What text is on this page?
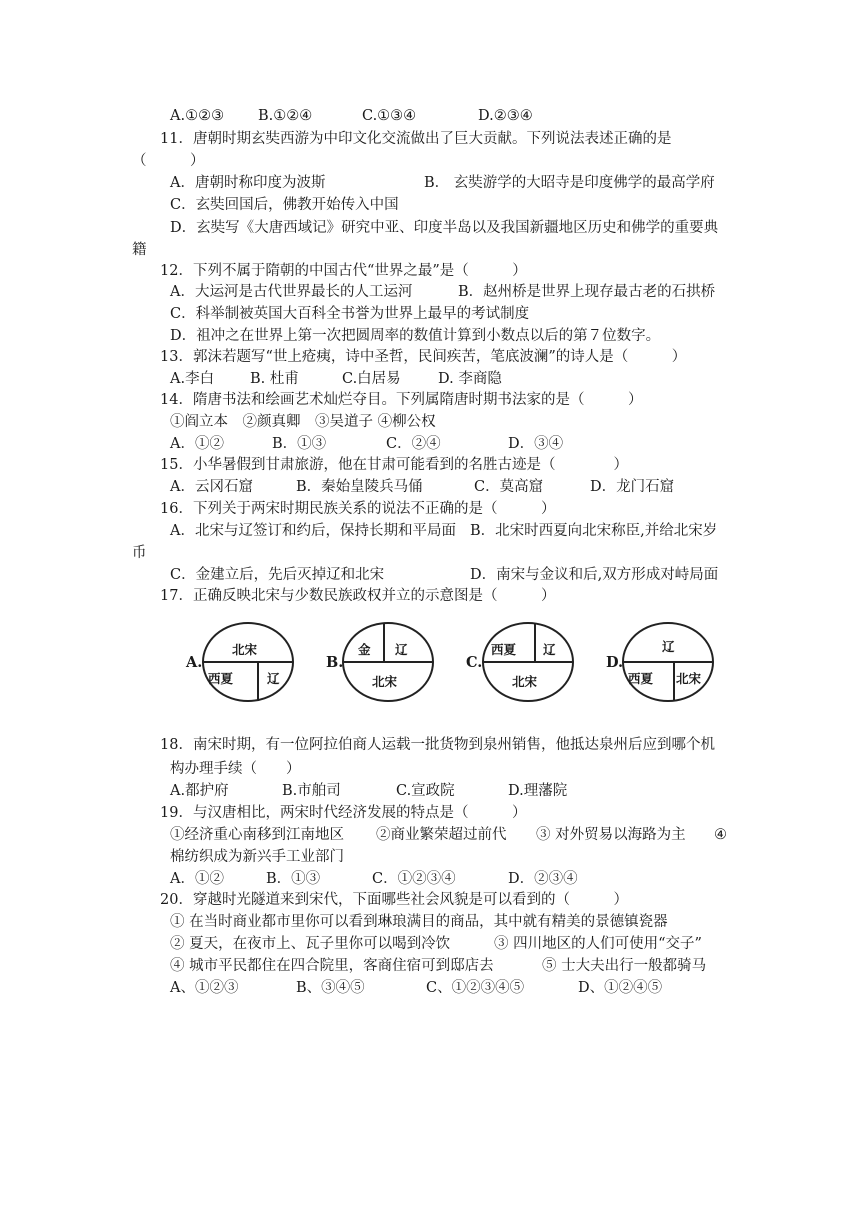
A.①②③ B.①②④	C.①③④	D.②③④
11．唐朝时期玄奘西游为中印文化交流做出了巨大贡献。下列说法表述正确的是
（　　　）
A．唐朝时称印度为波斯	B． 玄奘游学的大昭寺是印度佛学的最高学府
C．玄奘回国后，佛教开始传入中国
D．玄奘写《大唐西域记》研究中亚、印度半岛以及我国新疆地区历史和佛学的重要典
籍
12．下列不属于隋朝的中国古代“世界之最”是（　　　）
A．大运河是古代世界最长的人工运河	B．赵州桥是世界上现存最古老的石拱桥
C．科举制被英国大百科全书誉为世界上最早的考试制度
D．祖冲之在世界上第一次把圆周率的数值计算到小数点以后的第７位数字。
13．郭沫若题写“世上疮痍，诗中圣哲，民间疾苦，笔底波澜”的诗人是（　　　）
A.李白 B. 杜甫	C.白居易	D. 李商隐
14．隋唐书法和绘画艺术灿烂夺目。下列属隋唐时期书法家的是（　　　）
①阎立本　②颜真卿　③吴道子 ④柳公权
A．①②	B．①③	C．②④	D．③④
15．小华暑假到甘肃旅游，他在甘肃可能看到的名胜古迹是（　　　　）
A．云冈石窟	B．秦始皇陵兵马俑	C．莫高窟	D．龙门石窟
16．下列关于两宋时期民族关系的说法不正确的是（　　　）
A．北宋与辽签订和约后，保持长期和平局面 B．北宋时西夏向北宋称臣,并给北宋岁
币
C．金建立后，先后灭掉辽和北宋	D．南宋与金议和后,双方形成对峙局面
17．正确反映北宋与少数民族政权并立的示意图是（　　　）
A.
北宋
西夏	辽
B.
金 辽
北宋
C.
西夏 辽
北宋
D.
辽
西夏 北宋
18．南宋时期，有一位阿拉伯商人运载一批货物到泉州销售，他抵达泉州后应到哪个机
构办理手续（　　）
A.都护府	B.市舶司	C.宣政院	D.理藩院
19．与汉唐相比，两宋时代经济发展的特点是（　　　）
①经济重心南移到江南地区 ②商业繁荣超过前代 ③ 对外贸易以海路为主 ④
棉纺织成为新兴手工业部门
A．①②	B．①③	C．①②③④	D．②③④
20．穿越时光隧道来到宋代，下面哪些社会风貌是可以看到的（　　　）
① 在当时商业都市里你可以看到琳琅满目的商品，其中就有精美的景德镇瓷器
② 夏天，在夜市上、瓦子里你可以喝到冷饮	③ 四川地区的人们可使用“交子”
④ 城市平民都住在四合院里，客商住宿可到邸店去	⑤ 士大夫出行一般都骑马
A、①②③	B、③④⑤	C、①②③④⑤	D、①②④⑤
